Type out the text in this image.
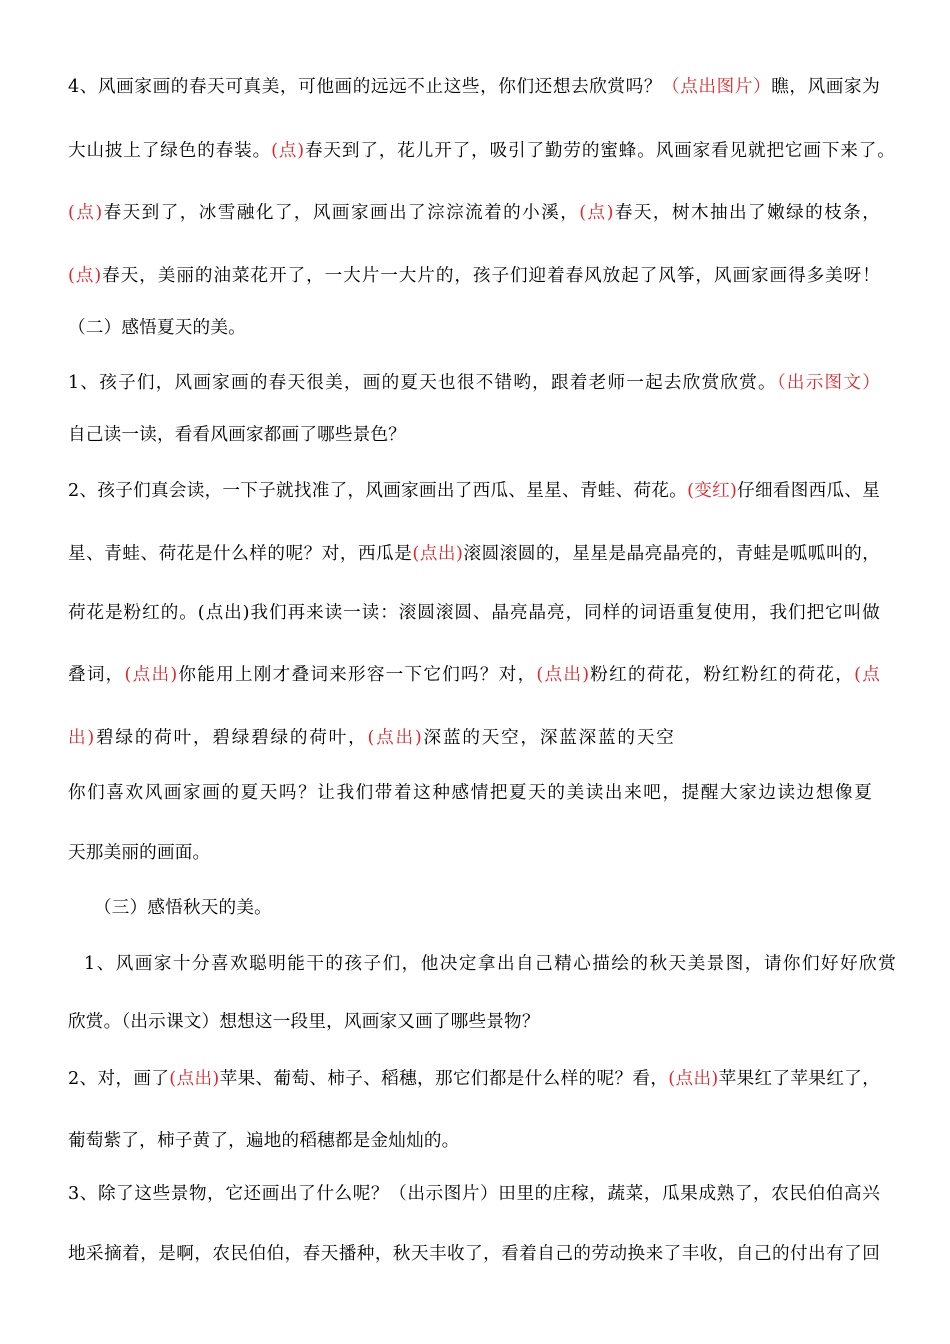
4、风画家画的春天可真美，可他画的远远不止这些，你们还想去欣赏吗？（点出图片）瞧，风画家为
大山披上了绿色的春装。(点)春天到了，花儿开了，吸引了勤劳的蜜蜂。风画家看见就把它画下来了。
(点)春天到了，冰雪融化了，风画家画出了淙淙流着的小溪，(点)春天，树木抽出了嫩绿的枝条，
(点)春天，美丽的油菜花开了，一大片一大片的，孩子们迎着春风放起了风筝，风画家画得多美呀！
（二）感悟夏天的美。
1、孩子们，风画家画的春天很美，画的夏天也很不错哟，跟着老师一起去欣赏欣赏。（出示图文）
自己读一读，看看风画家都画了哪些景色？
2、孩子们真会读，一下子就找准了，风画家画出了西瓜、星星、青蛙、荷花。(变红)仔细看图西瓜、星
星、青蛙、荷花是什么样的呢？对，西瓜是(点出)滚圆滚圆的，星星是晶亮晶亮的，青蛙是呱呱叫的，
荷花是粉红的。(点出)我们再来读一读：滚圆滚圆、晶亮晶亮，同样的词语重复使用，我们把它叫做
叠词，(点出)你能用上刚才叠词来形容一下它们吗？对，(点出)粉红的荷花，粉红粉红的荷花，(点
出)碧绿的荷叶，碧绿碧绿的荷叶，(点出)深蓝的天空，深蓝深蓝的天空
你们喜欢风画家画的夏天吗？让我们带着这种感情把夏天的美读出来吧，提醒大家边读边想像夏
天那美丽的画面。
（三）感悟秋天的美。
1、风画家十分喜欢聪明能干的孩子们，他决定拿出自己精心描绘的秋天美景图，请你们好好欣赏
欣赏。（出示课文）想想这一段里，风画家又画了哪些景物？
2、对，画了(点出)苹果、葡萄、柿子、稻穗，那它们都是什么样的呢？看，(点出)苹果红了苹果红了，
葡萄紫了，柿子黄了，遍地的稻穗都是金灿灿的。
3、除了这些景物，它还画出了什么呢？（出示图片）田里的庄稼，蔬菜，瓜果成熟了，农民伯伯高兴
地采摘着，是啊，农民伯伯，春天播种，秋天丰收了，看着自己的劳动换来了丰收，自己的付出有了回
